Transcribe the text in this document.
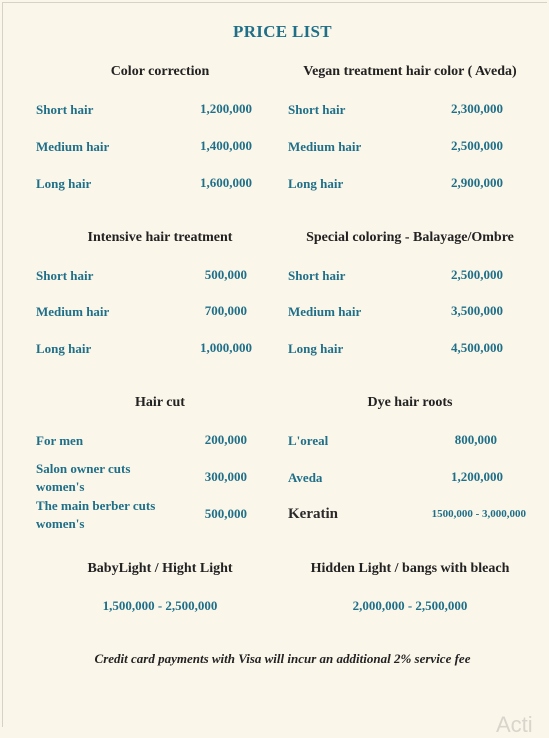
PRICE LIST
Color correction
Short hair	1,200,000
Medium hair	1,400,000
Long hair	1,600,000
Vegan treatment hair color ( Aveda)
Short hair	2,300,000
Medium hair	2,500,000
Long hair	2,900,000
Intensive hair treatment
Short hair	500,000
Medium hair	700,000
Long hair	1,000,000
Special coloring - Balayage/Ombre
Short hair	2,500,000
Medium hair	3,500,000
Long hair	4,500,000
Hair cut
For men	200,000
Salon owner cuts women's
300,000
The main berber cuts women's
500,000
Dye hair roots
L'oreal	800,000
Aveda	1,200,000
Keratin	1500,000 - 3,000,000
BabyLight / Hight Light
1,500,000 - 2,500,000
Hidden Light / bangs with bleach
2,000,000 - 2,500,000
Credit card payments with Visa will incur an additional 2% service fee
Acti
